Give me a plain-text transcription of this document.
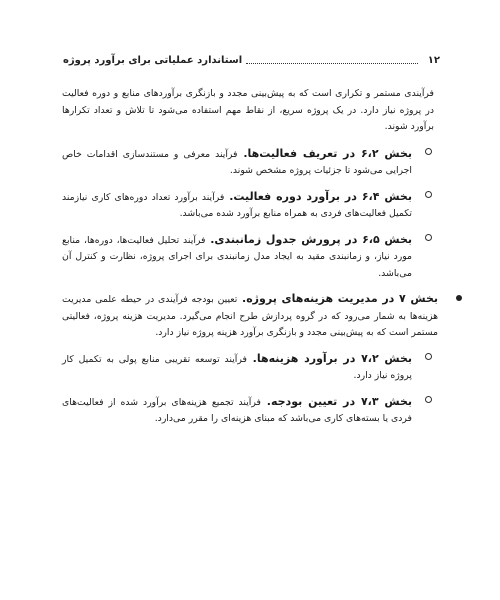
۱۲
استاندارد عملیاتی برای برآورد پروژه

فرآیندی مستمر و تکراری است که به پیش‌بینی مجدد و بازنگری برآوردهای منابع و دوره فعالیت در پروژه نیاز دارد. در یک پروژه سریع، از نقاط مهم استفاده می‌شود تا تلاش و تعداد تکرارها برآورد شوند.

بخش ۶،۲ در تعریف فعالیت‌ها. فرآیند معرفی و مستندسازی اقدامات خاص اجرایی می‌شود تا جزئیات پروژه مشخص شوند.
بخش ۶،۴ در برآورد دوره فعالیت. فرآیند برآورد تعداد دوره‌های کاری نیازمند تکمیل فعالیت‌های فردی به همراه منابع برآورد شده می‌باشد.
بخش ۶،۵ در پرورش جدول زمانبندی. فرآیند تحلیل فعالیت‌ها، دوره‌ها، منابع مورد نیاز، و زمانبندی مقید به ایجاد مدل زمانبندی برای اجرای پروژه، نظارت و کنترل آن می‌باشد.
بخش ۷ در مدیریت هزینه‌های پروژه. تعیین بودجه فرآیندی در حیطه علمی مدیریت هزینه‌ها به شمار می‌رود که در گروه پردازش طرح انجام می‌گیرد. مدیریت هزینه پروژه، فعالیتی مستمر است که به پیش‌بینی مجدد و بازنگری برآورد هزینه پروژه نیاز دارد.
بخش ۷،۲ در برآورد هزینه‌ها. فرآیند توسعه تقریبی منابع پولی به تکمیل کار پروژه نیاز دارد.
بخش ۷،۳ در تعیین بودجه. فرآیند تجمیع هزینه‌های برآورد شده از فعالیت‌های فردی یا بسته‌های کاری می‌باشد که مبنای هزینه‌ای را مقرر می‌دارد.
